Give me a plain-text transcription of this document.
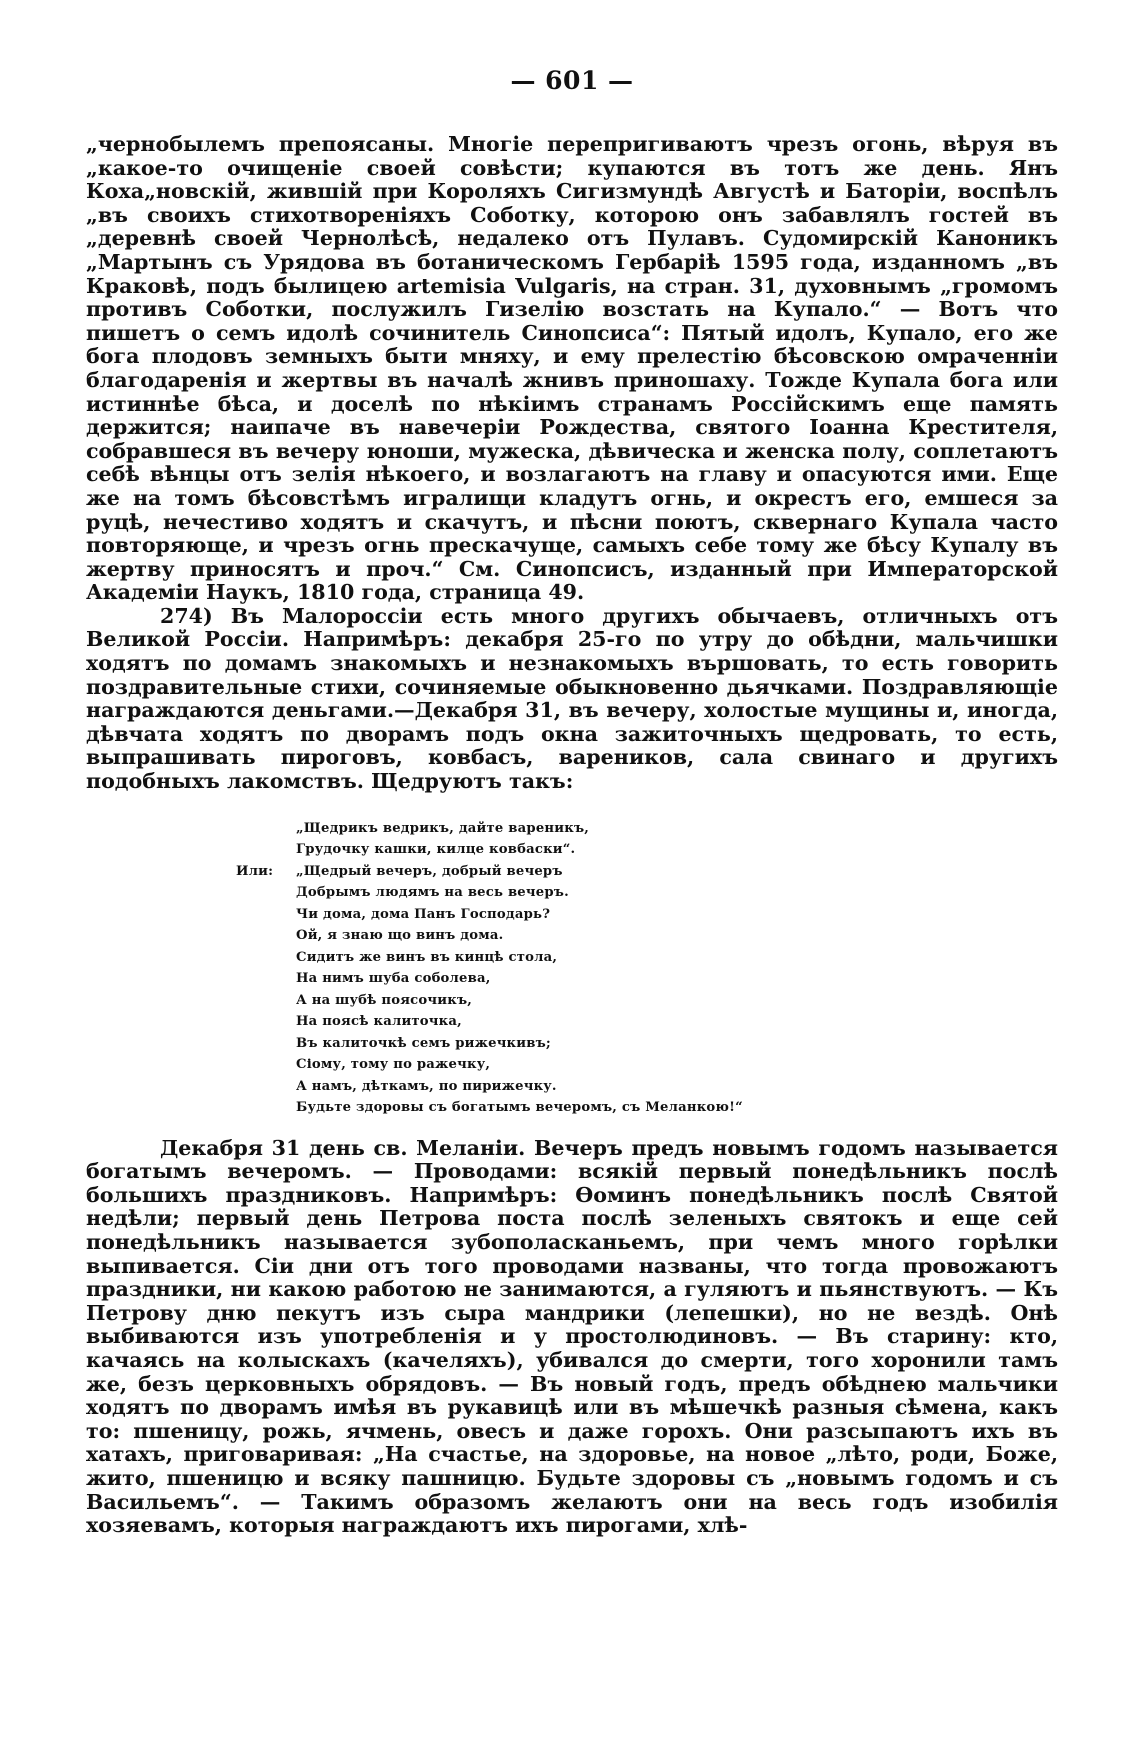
— 601 —

„чернобылемъ препоясаны. Многіе перепригиваютъ чрезъ огонь, вѣруя въ „какое-то очищеніе своей совѣсти; купаются въ тотъ же день. Янъ Коха„новскій, жившій при Короляхъ Сигизмундѣ Августѣ и Баторіи, воспѣлъ „въ своихъ стихотвореніяхъ Соботку, которою онъ забавлялъ гостей въ „деревнѣ своей Чернолѣсѣ, недалеко отъ Пулавъ. Судомирскій Каноникъ „Мартынъ съ Урядова въ ботаническомъ Гербаріѣ 1595 года, изданномъ „въ Краковѣ, подъ былицею artemisia Vulgaris, на стран. 31, духовнымъ „громомъ противъ Соботки, послужилъ Гизелію возстать на Купало.“ — Вотъ что пишетъ о семъ идолѣ сочинитель Синопсиса“: Пятый идолъ, Купало, его же бога плодовъ земныхъ быти мняху, и ему прелестію бѣсовскою омраченніи благодаренія и жертвы въ началѣ жнивъ приношаху. Тожде Купала бога или истиннѣе бѣса, и доселѣ по нѣкіимъ странамъ Россійскимъ еще память держится; наипаче въ навечеріи Рождества, святого Іоанна Крестителя, собравшеся въ вечеру юноши, мужеска, дѣвическа и женска полу, соплетаютъ себѣ вѣнцы отъ зелія нѣкоего, и возлагаютъ на главу и опасуются ими. Еще же на томъ бѣсовстѣмъ игралищи кладутъ огнь, и окрестъ его, емшеся за руцѣ, нечестиво ходятъ и скачутъ, и пѣсни поютъ, сквернаго Купала часто повторяюще, и чрезъ огнь прескачуще, самыхъ себе тому же бѣсу Купалу въ жертву приносятъ и проч.“ См. Синопсисъ, изданный при Императорской Академіи Наукъ, 1810 года, страница 49.

274) Въ Малороссіи есть много другихъ обычаевъ, отличныхъ отъ Великой Россіи. Напримѣръ: декабря 25-го по утру до обѣдни, мальчишки ходятъ по домамъ знакомыхъ и незнакомыхъ вършовать, то есть говорить поздравительные стихи, сочиняемые обыкновенно дьячками. Поздравляющіе награждаются деньгами.—Декабря 31, въ вечеру, холостые мущины и, иногда, дѣвчата ходятъ по дворамъ подъ окна зажиточныхъ щедровать, то есть, выпрашивать пироговъ, ковбасъ, вареников, сала свинаго и другихъ подобныхъ лакомствъ. Щедруютъ такъ:

„Щедрикъ ведрикъ, дайте вареникъ,
Грудочку кашки, килце ковбаски“.
Или:	„Щедрый вечеръ, добрый вечеръ
Добрымъ людямъ на весь вечеръ.
Чи дома, дома Панъ Господарь?
Ой, я знаю що винъ дома.
Сидитъ же винъ въ кинцѣ стола,
На нимъ шуба соболева,
А на шубѣ поясочикъ,
На поясѣ калиточка,
Въ калиточкѣ семъ рижечкивъ;
Сіому, тому по ражечку,
А намъ, дѣткамъ, по пирижечку.
Будьте здоровы съ богатымъ вечеромъ, съ Меланкою!“

Декабря 31 день св. Меланіи. Вечеръ предъ новымъ годомъ называется богатымъ вечеромъ. — Проводами: всякій первый понедѣльникъ послѣ большихъ праздниковъ. Напримѣръ: Ѳоминъ понедѣльникъ послѣ Святой недѣли; первый день Петрова поста послѣ зеленыхъ святокъ и еще сей понедѣльникъ называется зубополасканьемъ, при чемъ много горѣлки выпивается. Сіи дни отъ того проводами названы, что тогда провожаютъ праздники, ни какою работою не занимаются, а гуляютъ и пьянствуютъ. — Къ Петрову дню пекутъ изъ сыра мандрики (лепешки), но не вездѣ. Онѣ выбиваются изъ употребленія и у простолюдиновъ. — Въ старину: кто, качаясь на колыскахъ (качеляхъ), убивался до смерти, того хоронили тамъ же, безъ церковныхъ обрядовъ. — Въ новый годъ, предъ обѣднею мальчики ходятъ по дворамъ имѣя въ рукавицѣ или въ мѣшечкѣ разныя сѣмена, какъ то: пшеницу, рожь, ячмень, овесъ и даже горохъ. Они разсыпаютъ ихъ въ хатахъ, приговаривая: „На счастье, на здоровье, на новое „лѣто, роди, Боже, жито, пшеницю и всяку пашницю. Будьте здоровы съ „новымъ годомъ и съ Васильемъ“. — Такимъ образомъ желаютъ они на весь годъ изобилія хозяевамъ, которыя награждаютъ ихъ пирогами, хлѣ-
